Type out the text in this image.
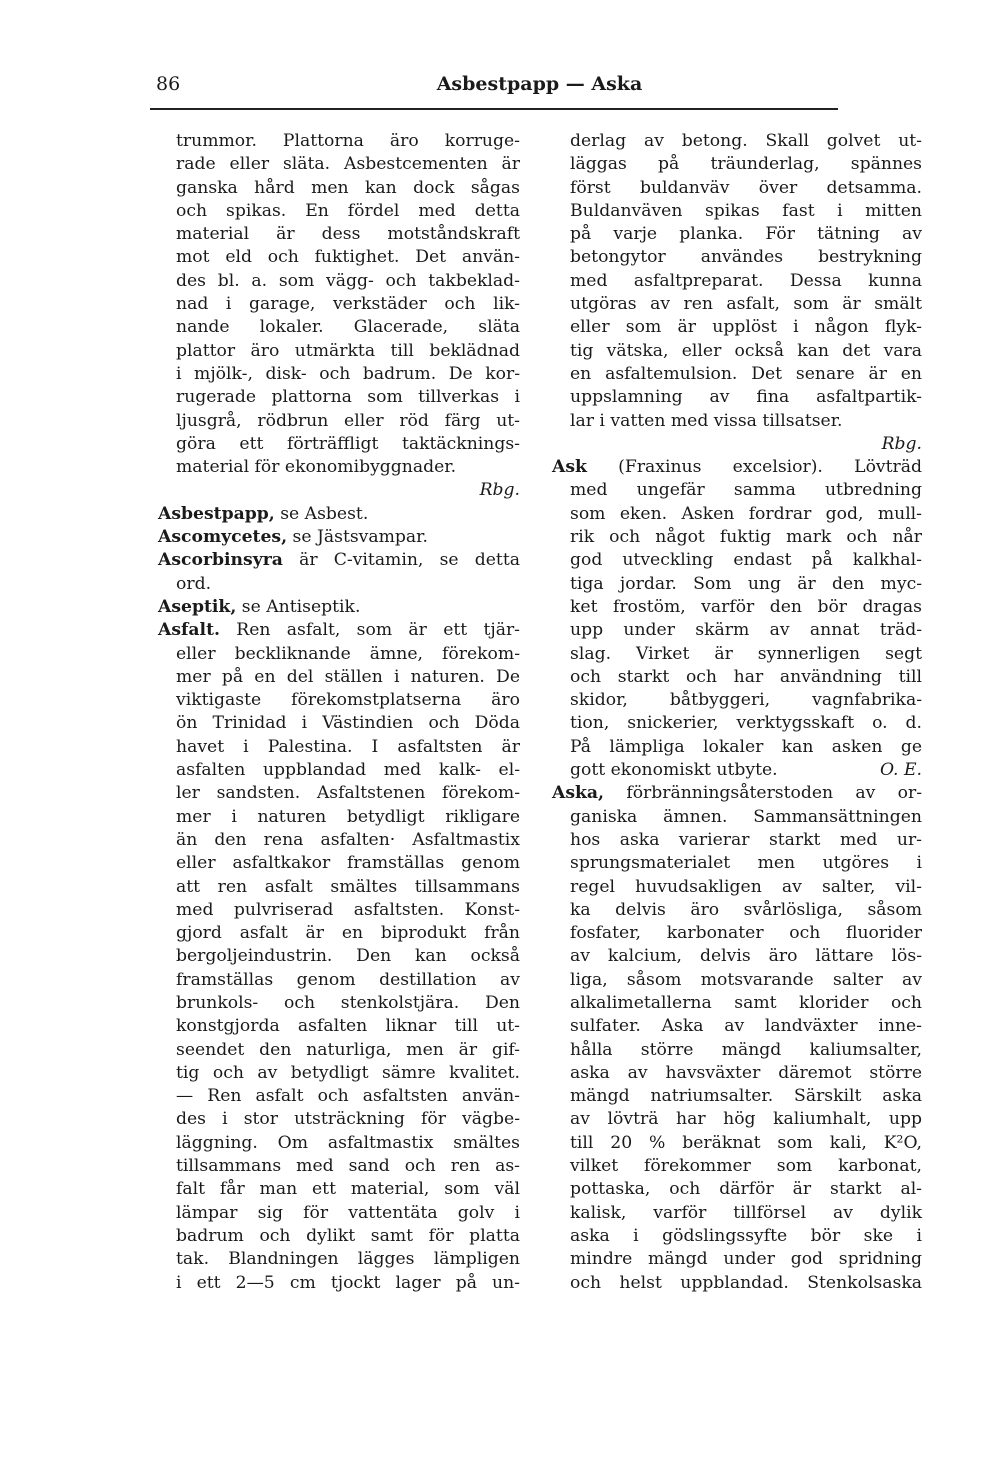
86	Asbestpapp — Aska
trummor. Plattorna äro korruge-
rade eller släta. Asbestcementen är
ganska hård men kan dock sågas
och spikas. En fördel med detta
material är dess motståndskraft
mot eld och fuktighet. Det använ-
des bl. a. som vägg- och takbeklad-
nad i garage, verkstäder och lik-
nande lokaler. Glacerade, släta
plattor äro utmärkta till beklädnad
i mjölk-, disk- och badrum. De kor-
rugerade plattorna som tillverkas i
ljusgrå, rödbrun eller röd färg ut-
göra ett förträffligt taktäcknings-
material för ekonomibyggnader.
Rbg.
Asbestpapp, se Asbest.
Ascomycetes, se Jästsvampar.
Ascorbinsyra är C-vitamin, se detta
ord.
Aseptik, se Antiseptik.
Asfalt. Ren asfalt, som är ett tjär-
eller beckliknande ämne, förekom-
mer på en del ställen i naturen. De
viktigaste förekomstplatserna äro
ön Trinidad i Västindien och Döda
havet i Palestina. I asfaltsten är
asfalten uppblandad med kalk- el-
ler sandsten. Asfaltstenen förekom-
mer i naturen betydligt rikligare
än den rena asfalten· Asfaltmastix
eller asfaltkakor framställas genom
att ren asfalt smältes tillsammans
med pulvriserad asfaltsten. Konst-
gjord asfalt är en biprodukt från
bergoljeindustrin. Den kan också
framställas genom destillation av
brunkols- och stenkolstjära. Den
konstgjorda asfalten liknar till ut-
seendet den naturliga, men är gif-
tig och av betydligt sämre kvalitet.
— Ren asfalt och asfaltsten använ-
des i stor utsträckning för vägbe-
läggning. Om asfaltmastix smältes
tillsammans med sand och ren as-
falt får man ett material, som väl
lämpar sig för vattentäta golv i
badrum och dylikt samt för platta
tak. Blandningen lägges lämpligen
i ett 2—5 cm tjockt lager på un-
derlag av betong. Skall golvet ut-
läggas på träunderlag, spännes
först buldanväv över detsamma.
Buldanväven spikas fast i mitten
på varje planka. För tätning av
betongytor användes bestrykning
med asfaltpreparat. Dessa kunna
utgöras av ren asfalt, som är smält
eller som är upplöst i någon flyk-
tig vätska, eller också kan det vara
en asfaltemulsion. Det senare är en
uppslamning av fina asfaltpartik-
lar i vatten med vissa tillsatser.
Rbg.
Ask (Fraxinus excelsior). Lövträd
med ungefär samma utbredning
som eken. Asken fordrar god, mull-
rik och något fuktig mark och når
god utveckling endast på kalkhal-
tiga jordar. Som ung är den myc-
ket frostöm, varför den bör dragas
upp under skärm av annat träd-
slag. Virket är synnerligen segt
och starkt och har användning till
skidor, båtbyggeri, vagnfabrika-
tion, snickerier, verktygsskaft o. d.
På lämpliga lokaler kan asken ge
gott ekonomiskt utbyte.	O. E.
Aska, förbränningsåterstoden av or-
ganiska ämnen. Sammansättningen
hos aska varierar starkt med ur-
sprungsmaterialet men utgöres i
regel huvudsakligen av salter, vil-
ka delvis äro svårlösliga, såsom
fosfater, karbonater och fluorider
av kalcium, delvis äro lättare lös-
liga, såsom motsvarande salter av
alkalimetallerna samt klorider och
sulfater. Aska av landväxter inne-
hålla större mängd kaliumsalter,
aska av havsväxter däremot större
mängd natriumsalter. Särskilt aska
av lövträ har hög kaliumhalt, upp
till 20 % beräknat som kali, K²O,
vilket förekommer som karbonat,
pottaska, och därför är starkt al-
kalisk, varför tillförsel av dylik
aska i gödslingssyfte bör ske i
mindre mängd under god spridning
och helst uppblandad. Stenkolsaska
